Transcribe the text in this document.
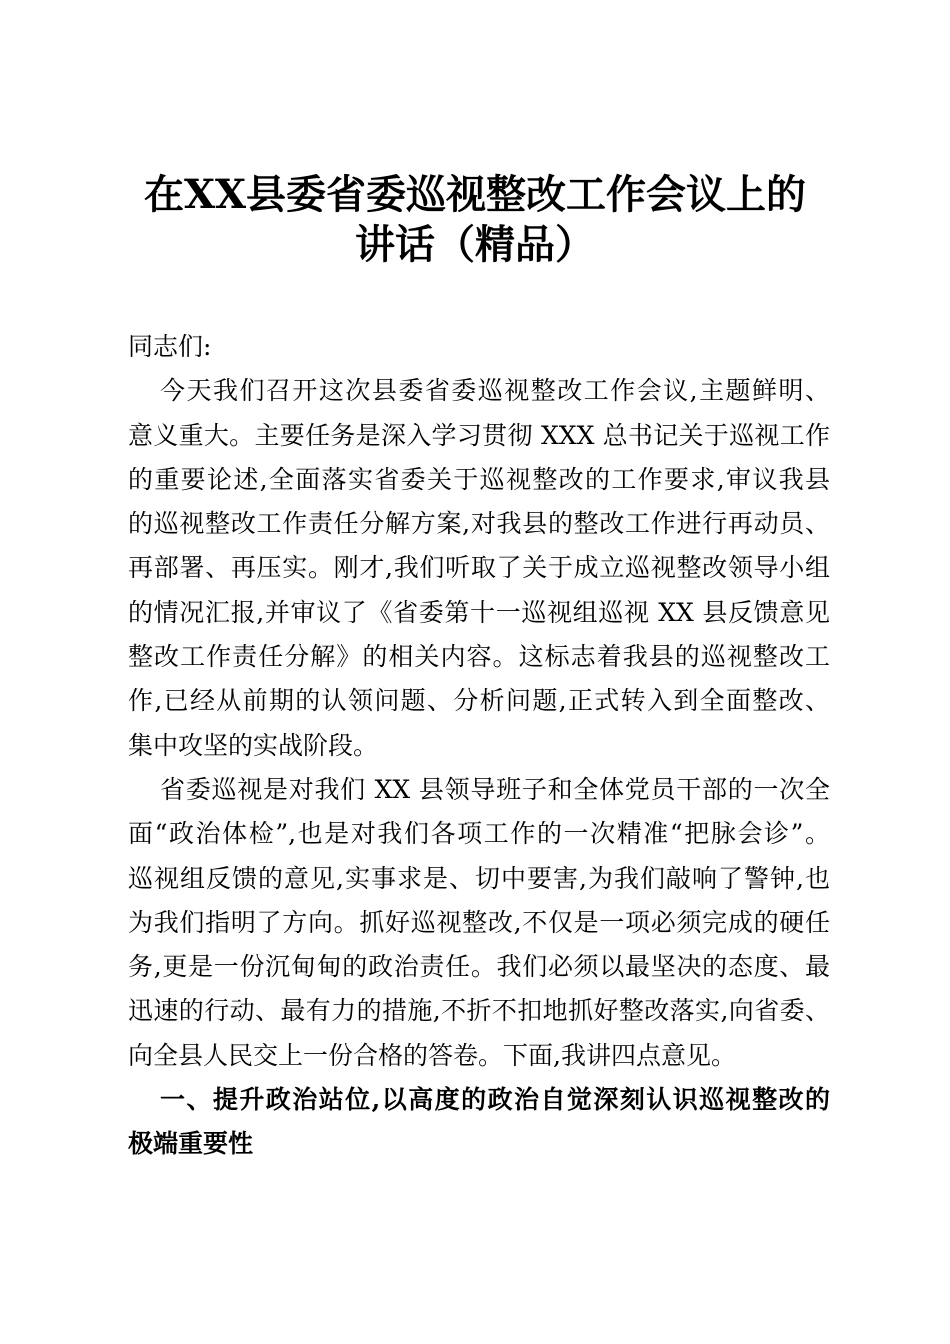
在XX县委省委巡视整改工作会议上的
讲话（精品）
同志们:
今天我们召开这次县委省委巡视整改工作会议,主题鲜明、
意义重大。主要任务是深入学习贯彻 XXX 总书记关于巡视工作
的重要论述,全面落实省委关于巡视整改的工作要求,审议我县
的巡视整改工作责任分解方案,对我县的整改工作进行再动员、
再部署、再压实。刚才,我们听取了关于成立巡视整改领导小组
的情况汇报,并审议了《省委第十一巡视组巡视 XX 县反馈意见
整改工作责任分解》的相关内容。这标志着我县的巡视整改工
作,已经从前期的认领问题、分析问题,正式转入到全面整改、
集中攻坚的实战阶段。
省委巡视是对我们 XX 县领导班子和全体党员干部的一次全
面“政治体检”,也是对我们各项工作的一次精准“把脉会诊”。
巡视组反馈的意见,实事求是、切中要害,为我们敲响了警钟,也
为我们指明了方向。抓好巡视整改,不仅是一项必须完成的硬任
务,更是一份沉甸甸的政治责任。我们必须以最坚决的态度、最
迅速的行动、最有力的措施,不折不扣地抓好整改落实,向省委、
向全县人民交上一份合格的答卷。下面,我讲四点意见。
一、提升政治站位,以高度的政治自觉深刻认识巡视整改的
极端重要性
